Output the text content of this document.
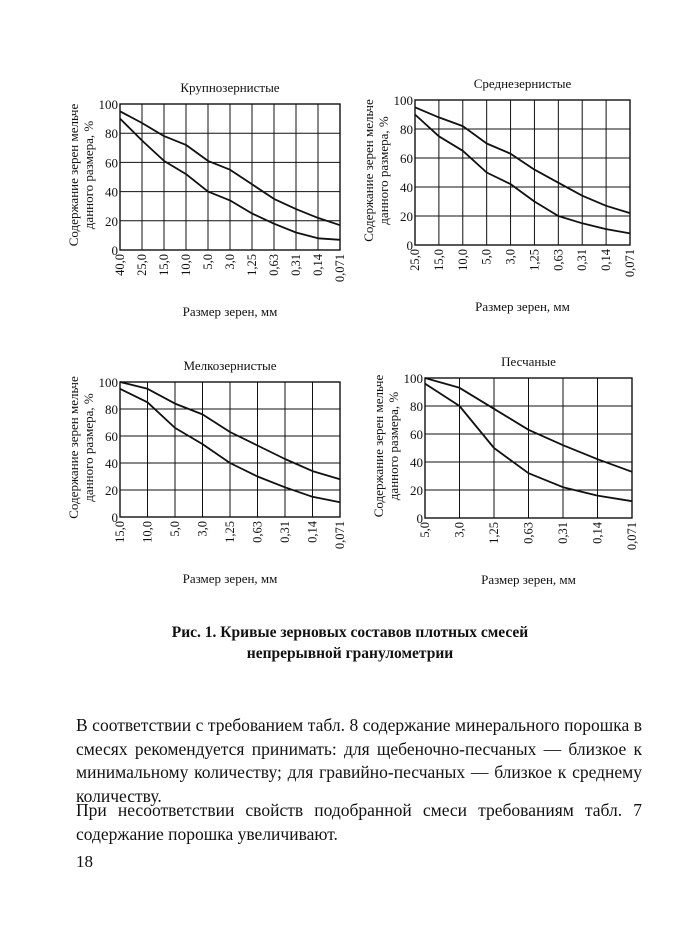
Крупнозернистые
0
20
40
60
80
100
40,0 25,0 15,0 10,0 5,0 3,0 1,25 0,63 0,31 0,14 0,071
Размер зерен, мм
Содержание зерен мельче данного размера, %
Среднезернистые
0
20
40
60
80
100
25,0 15,0 10,0 5,0 3,0 1,25 0,63 0,31 0,14 0,071
Размер зерен, мм
Содержание зерен мельче данного размера, %
Мелкозернистые
0
20
40
60
80
100
15,0 10,0 5,0 3,0 1,25 0,63 0,31 0,14 0,071
Размер зерен, мм
Содержание зерен мельче данного размера, %
Песчаные
0
20
40
60
80
100
5,0 3,0 1,25 0,63 0,31 0,14 0,071
Размер зерен, мм
Содержание зерен мельче данного размера, %
Рис. 1. Кривые зерновых составов плотных смесей
непрерывной гранулометрии
В соответствии с требованием табл. 8 содержание минерального порошка в смесях рекомендуется принимать: для щебеночно-песчаных — близкое к минимальному количеству; для гравийно-песчаных — близкое к среднему количеству.
При несоответствии свойств подобранной смеси требованиям табл. 7 содержание порошка увеличивают.
18
